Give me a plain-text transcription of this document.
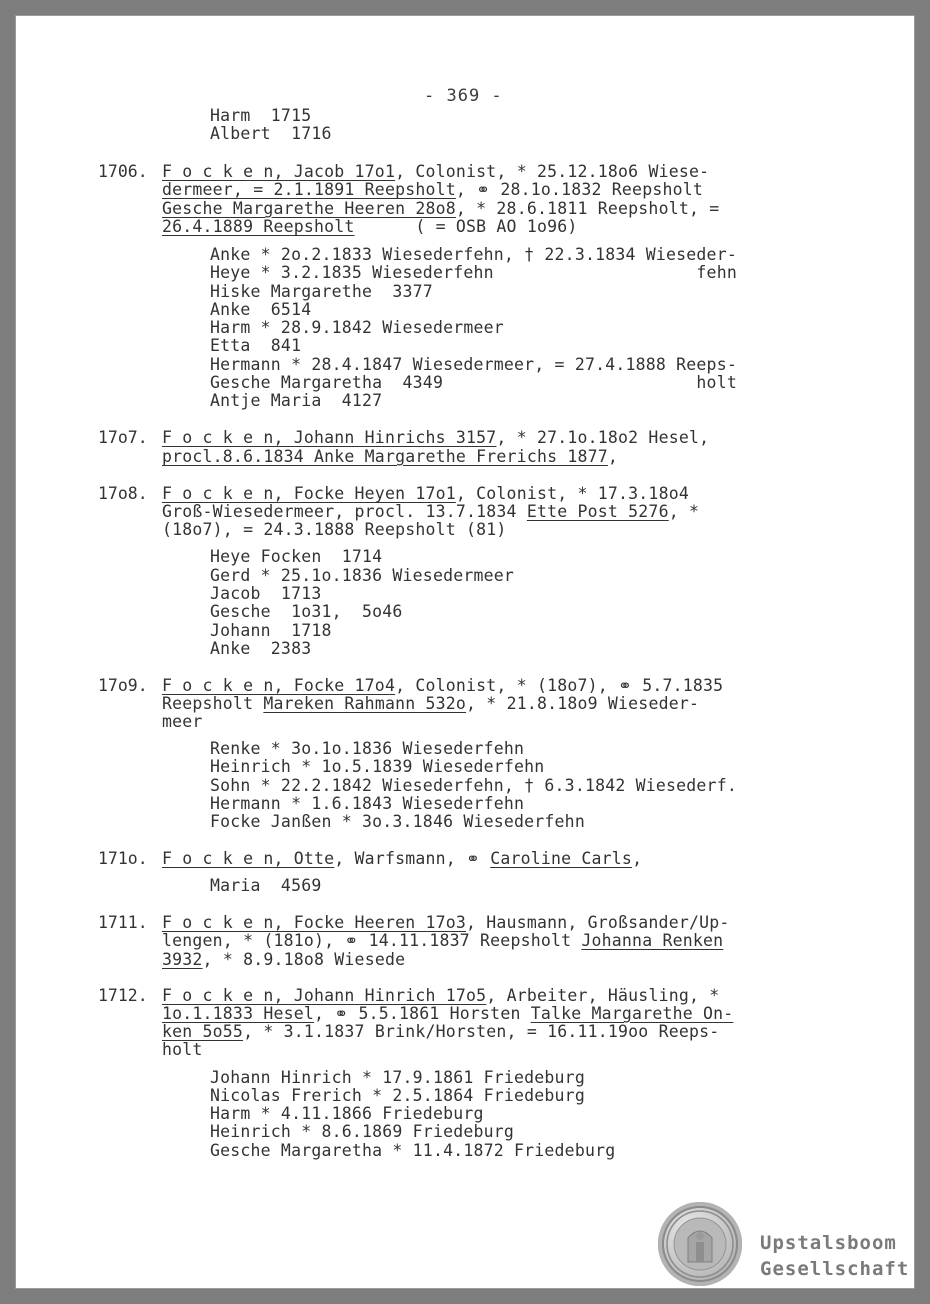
- 369 -
Harm  1715
Albert  1716
1706. F o c k e n, Jacob 17o1, Colonist, * 25.12.18o6 Wiese-
dermeer, = 2.1.1891 Reepsholt, ⚭ 28.1o.1832 Reepsholt
Gesche Margarethe Heeren 28o8, * 28.6.1811 Reepsholt, =
26.4.1889 Reepsholt      ( = OSB AO 1o96)
Anke * 2o.2.1833 Wiesederfehn, † 22.3.1834 Wieseder-
Heye * 3.2.1835 Wiesederfehn                    fehn
Hiske Margarethe  3377
Anke  6514
Harm * 28.9.1842 Wiesedermeer
Etta  841
Hermann * 28.4.1847 Wiesedermeer, = 27.4.1888 Reeps-
Gesche Margaretha  4349                         holt
Antje Maria  4127
17o7. F o c k e n, Johann Hinrichs 3157, * 27.1o.18o2 Hesel,
procl.8.6.1834 Anke Margarethe Frerichs 1877,
17o8. F o c k e n, Focke Heyen 17o1, Colonist, * 17.3.18o4
Groß-Wiesedermeer, procl. 13.7.1834 Ette Post 5276, *
(18o7), = 24.3.1888 Reepsholt (81)
Heye Focken  1714
Gerd * 25.1o.1836 Wiesedermeer
Jacob  1713
Gesche  1o31,  5o46
Johann  1718
Anke  2383
17o9. F o c k e n, Focke 17o4, Colonist, * (18o7), ⚭ 5.7.1835
Reepsholt Mareken Rahmann 532o, * 21.8.18o9 Wieseder-
meer
Renke * 3o.1o.1836 Wiesederfehn
Heinrich * 1o.5.1839 Wiesederfehn
Sohn * 22.2.1842 Wiesederfehn, † 6.3.1842 Wiesederf.
Hermann * 1.6.1843 Wiesederfehn
Focke Janßen * 3o.3.1846 Wiesederfehn
171o. F o c k e n, Otte, Warfsmann, ⚭ Caroline Carls,
Maria  4569
1711. F o c k e n, Focke Heeren 17o3, Hausmann, Großsander/Up-
lengen, * (181o), ⚭ 14.11.1837 Reepsholt Johanna Renken
3932, * 8.9.18o8 Wiesede
1712. F o c k e n, Johann Hinrich 17o5, Arbeiter, Häusling, *
1o.1.1833 Hesel, ⚭ 5.5.1861 Horsten Talke Margarethe On-
ken 5o55, * 3.1.1837 Brink/Horsten, = 16.11.19oo Reeps-
holt
Johann Hinrich * 17.9.1861 Friedeburg
Nicolas Frerich * 2.5.1864 Friedeburg
Harm * 4.11.1866 Friedeburg
Heinrich * 8.6.1869 Friedeburg
Gesche Margaretha * 11.4.1872 Friedeburg
Upstalsboom
Gesellschaft
